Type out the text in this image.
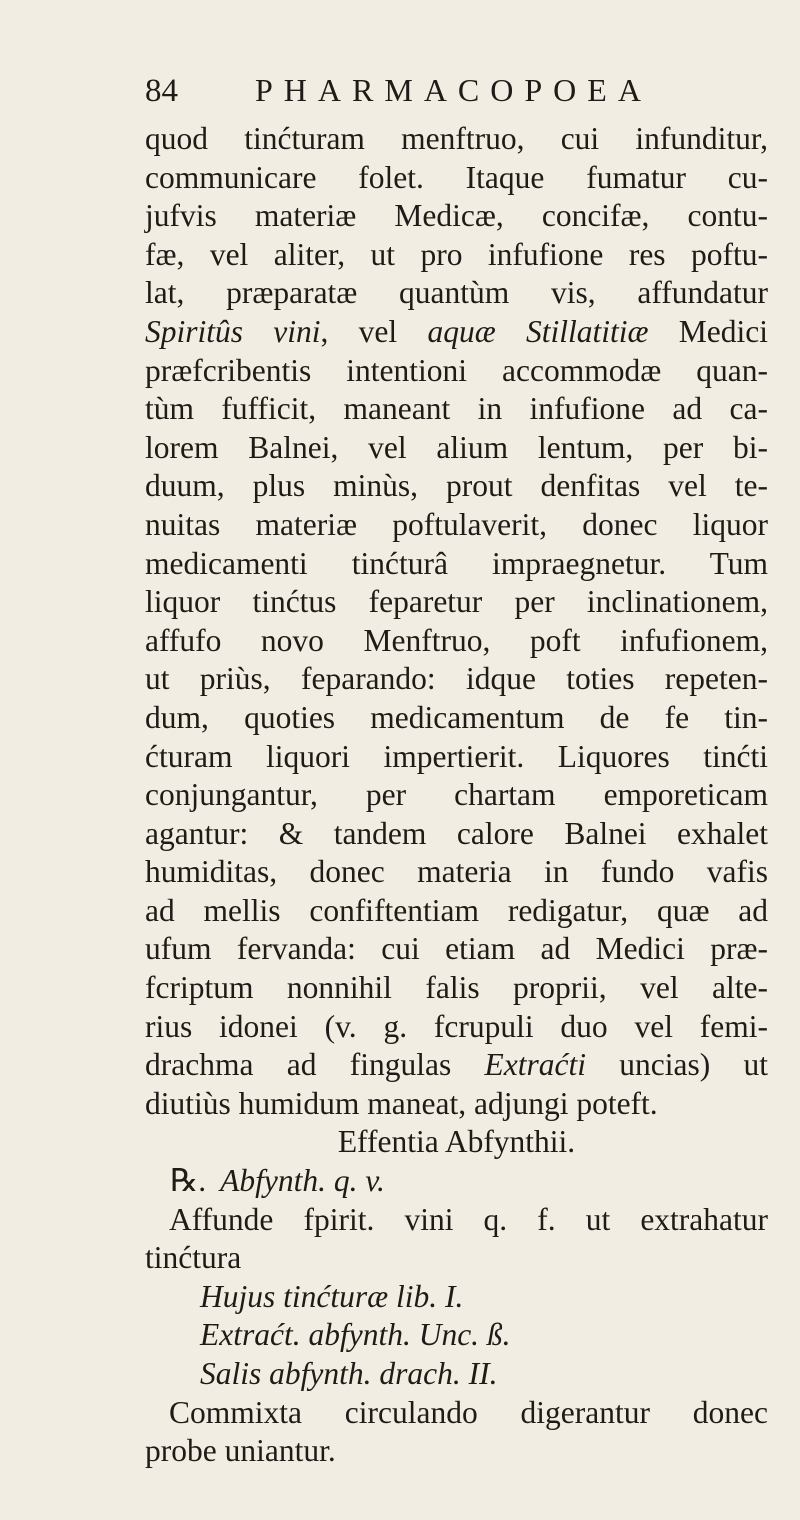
84	PHARMACOPOEA
quod tinćturam menftruo, cui infunditur,
communicare folet. Itaque fumatur cu-
jufvis materiæ Medicæ, concifæ, contu-
fæ, vel aliter, ut pro infufione res poftu-
lat, præparatæ quantùm vis, affundatur
Spiritûs vini, vel aquæ Stillatitiæ Medici
præfcribentis intentioni accommodæ quan-
tùm fufficit, maneant in infufione ad ca-
lorem Balnei, vel alium lentum, per bi-
duum, plus minùs, prout denfitas vel te-
nuitas materiæ poftulaverit, donec liquor
medicamenti tinćturâ impraegnetur. Tum
liquor tinćtus feparetur per inclinationem,
affufo novo Menftruo, poft infufionem,
ut priùs, feparando: idque toties repeten-
dum, quoties medicamentum de fe tin-
ćturam liquori impertierit. Liquores tinćti
conjungantur, per chartam emporeticam
agantur: & tandem calore Balnei exhalet
humiditas, donec materia in fundo vafis
ad mellis confiftentiam redigatur, quæ ad
ufum fervanda: cui etiam ad Medici præ-
fcriptum nonnihil falis proprii, vel alte-
rius idonei (v. g. fcrupuli duo vel femi-
drachma ad fingulas Extraćti uncias) ut
diutiùs humidum maneat, adjungi poteft.
Effentia Abfynthii.
℞. Abfynth. q. v.
Affunde fpirit. vini q. f. ut extrahatur
tinćtura
Hujus tinćturæ lib. I.
Extraćt. abfynth. Unc. ß.
Salis abfynth. drach. II.
Commixta circulando digerantur donec
probe uniantur.
